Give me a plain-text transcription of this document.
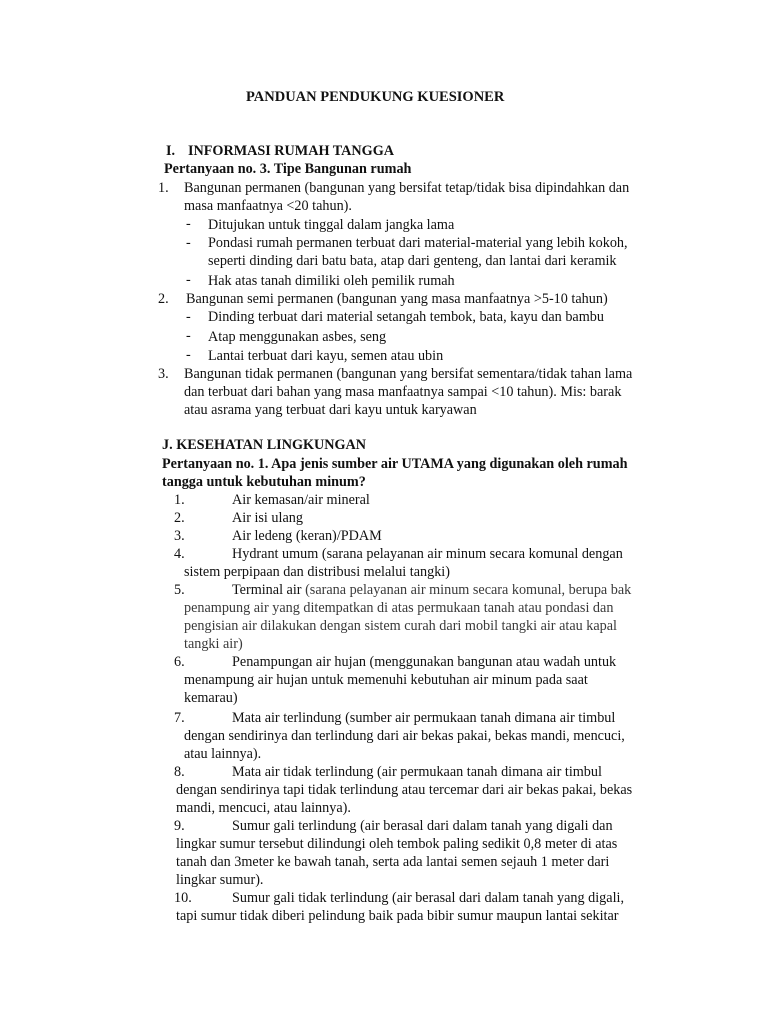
PANDUAN PENDUKUNG KUESIONER
I. INFORMASI RUMAH TANGGA
Pertanyaan no. 3. Tipe Bangunan rumah
1. Bangunan permanen (bangunan yang bersifat tetap/tidak bisa dipindahkan dan
masa manfaatnya <20 tahun).
- Ditujukan untuk tinggal dalam jangka lama
- Pondasi rumah permanen terbuat dari material-material yang lebih kokoh,
seperti dinding dari batu bata, atap dari genteng, dan lantai dari keramik
- Hak atas tanah dimiliki oleh pemilik rumah
2. Bangunan semi permanen (bangunan yang masa manfaatnya >5-10 tahun)
- Dinding terbuat dari material setangah tembok, bata, kayu dan bambu
- Atap menggunakan asbes, seng
- Lantai terbuat dari kayu, semen atau ubin
3. Bangunan tidak permanen (bangunan yang bersifat sementara/tidak tahan lama
dan terbuat dari bahan yang masa manfaatnya sampai <10 tahun). Mis: barak
atau asrama yang terbuat dari kayu untuk karyawan
J. KESEHATAN LINGKUNGAN
Pertanyaan no. 1. Apa jenis sumber air UTAMA yang digunakan oleh rumah
tangga untuk kebutuhan minum?
1.	Air kemasan/air mineral
2.	Air isi ulang
3.	Air ledeng (keran)/PDAM
4.	Hydrant umum (sarana pelayanan air minum secara komunal dengan
sistem perpipaan dan distribusi melalui tangki)
5.	Terminal air (sarana pelayanan air minum secara komunal, berupa bak
penampung air yang ditempatkan di atas permukaan tanah atau pondasi dan
pengisian air dilakukan dengan sistem curah dari mobil tangki air atau kapal
tangki air)
6.	Penampungan air hujan (menggunakan bangunan atau wadah untuk
menampung air hujan untuk memenuhi kebutuhan air minum pada saat
kemarau)
7.	Mata air terlindung (sumber air permukaan tanah dimana air timbul
dengan sendirinya dan terlindung dari air bekas pakai, bekas mandi, mencuci,
atau lainnya).
8.	Mata air tidak terlindung (air permukaan tanah dimana air timbul
dengan sendirinya tapi tidak terlindung atau tercemar dari air bekas pakai, bekas
mandi, mencuci, atau lainnya).
9.	Sumur gali terlindung (air berasal dari dalam tanah yang digali dan
lingkar sumur tersebut dilindungi oleh tembok paling sedikit 0,8 meter di atas
tanah dan 3meter ke bawah tanah, serta ada lantai semen sejauh 1 meter dari
lingkar sumur).
10.	Sumur gali tidak terlindung (air berasal dari dalam tanah yang digali,
tapi sumur tidak diberi pelindung baik pada bibir sumur maupun lantai sekitar
